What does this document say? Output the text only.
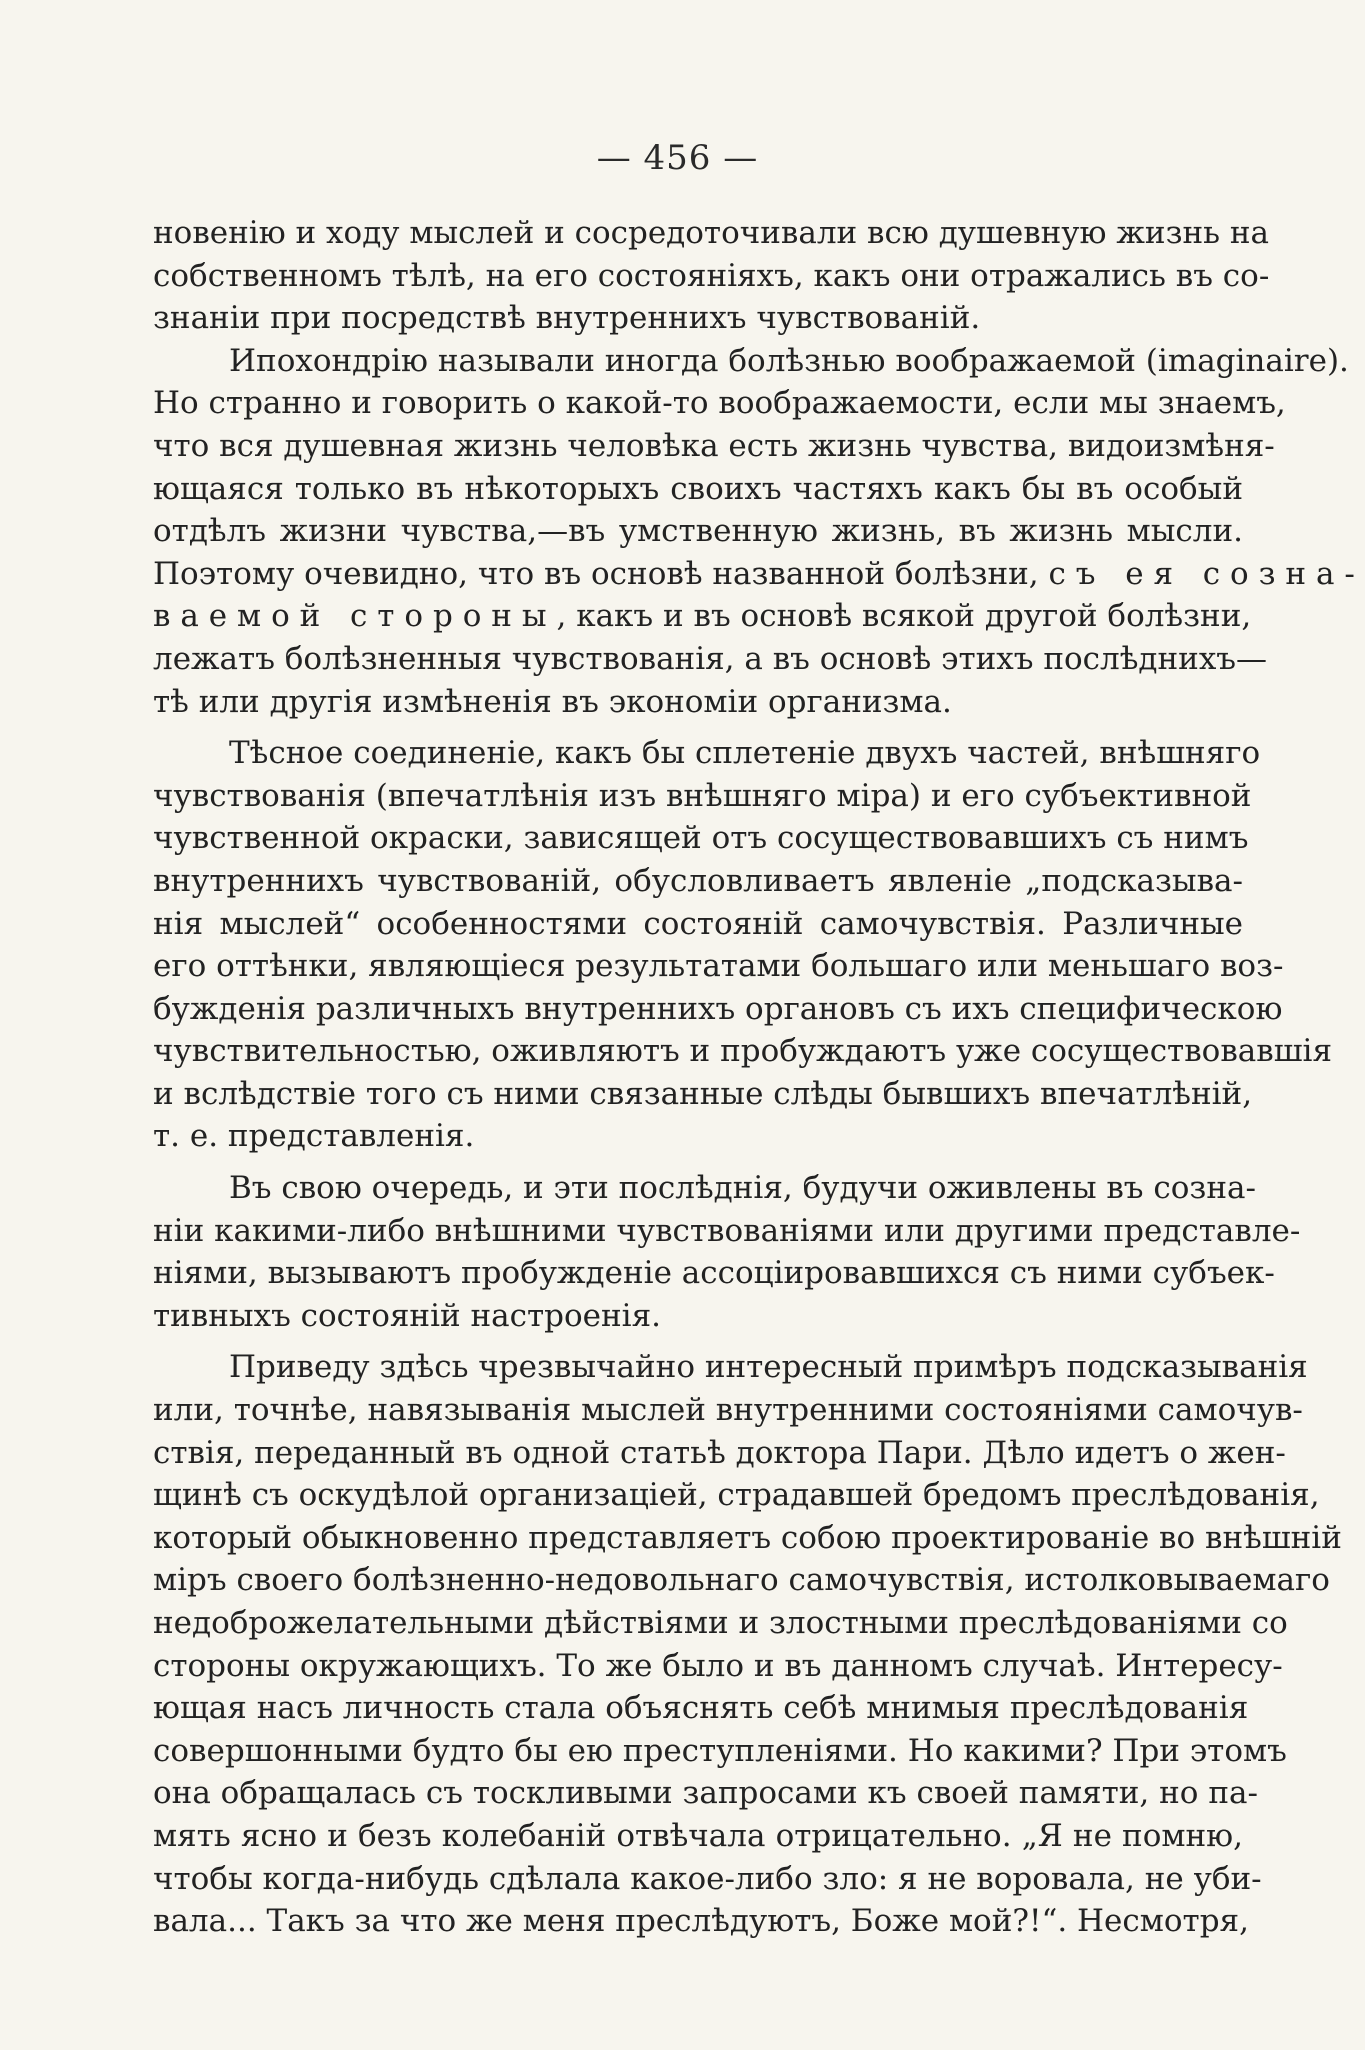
— 456 —
новенію и ходу мыслей и сосредоточивали всю душевную жизнь на
собственномъ тѣлѣ, на его состояніяхъ, какъ они отражались въ со-
знаніи при посредствѣ внутреннихъ чувствованій.
Ипохондрію называли иногда болѣзнью воображаемой (imaginaire).
Но странно и говорить о какой-то воображаемости, если мы знаемъ,
что вся душевная жизнь человѣка есть жизнь чувства, видоизмѣня-
ющаяся только въ нѣкоторыхъ своихъ частяхъ какъ бы въ особый
отдѣлъ жизни чувства,—въ умственную жизнь, въ жизнь мысли.
Поэтому очевидно, что въ основѣ названной болѣзни, съ ея созна-
ваемой стороны, какъ и въ основѣ всякой другой болѣзни,
лежатъ болѣзненныя чувствованія, а въ основѣ этихъ послѣднихъ—
тѣ или другія измѣненія въ экономіи организма.
Тѣсное соединеніе, какъ бы сплетеніе двухъ частей, внѣшняго
чувствованія (впечатлѣнія изъ внѣшняго міра) и его субъективной
чувственной окраски, зависящей отъ сосуществовавшихъ съ нимъ
внутреннихъ чувствованій, обусловливаетъ явленіе „подсказыва-
нія мыслей“ особенностями состояній самочувствія. Различные
его оттѣнки, являющіеся результатами большаго или меньшаго воз-
бужденія различныхъ внутреннихъ органовъ съ ихъ специфическою
чувствительностью, оживляютъ и пробуждаютъ уже сосуществовавшія
и вслѣдствіе того съ ними связанные слѣды бывшихъ впечатлѣній,
т. е. представленія.
Въ свою очередь, и эти послѣднія, будучи оживлены въ созна-
ніи какими-либо внѣшними чувствованіями или другими представле-
ніями, вызываютъ пробужденіе ассоціировавшихся съ ними субъек-
тивныхъ состояній настроенія.
Приведу здѣсь чрезвычайно интересный примѣръ подсказыванія
или, точнѣе, навязыванія мыслей внутренними состояніями самочув-
ствія, переданный въ одной статьѣ доктора Пари. Дѣло идетъ о жен-
щинѣ съ оскудѣлой организаціей, страдавшей бредомъ преслѣдованія,
который обыкновенно представляетъ собою проектированіе во внѣшній
міръ своего болѣзненно-недовольнаго самочувствія, истолковываемаго
недоброжелательными дѣйствіями и злостными преслѣдованіями со
стороны окружающихъ. То же было и въ данномъ случаѣ. Интересу-
ющая насъ личность стала объяснять себѣ мнимыя преслѣдованія
совершонными будто бы ею преступленіями. Но какими? При этомъ
она обращалась съ тоскливыми запросами къ своей памяти, но па-
мять ясно и безъ колебаній отвѣчала отрицательно. „Я не помню,
чтобы когда-нибудь сдѣлала какое-либо зло: я не воровала, не уби-
вала... Такъ за что же меня преслѣдуютъ, Боже мой?!“. Несмотря,
